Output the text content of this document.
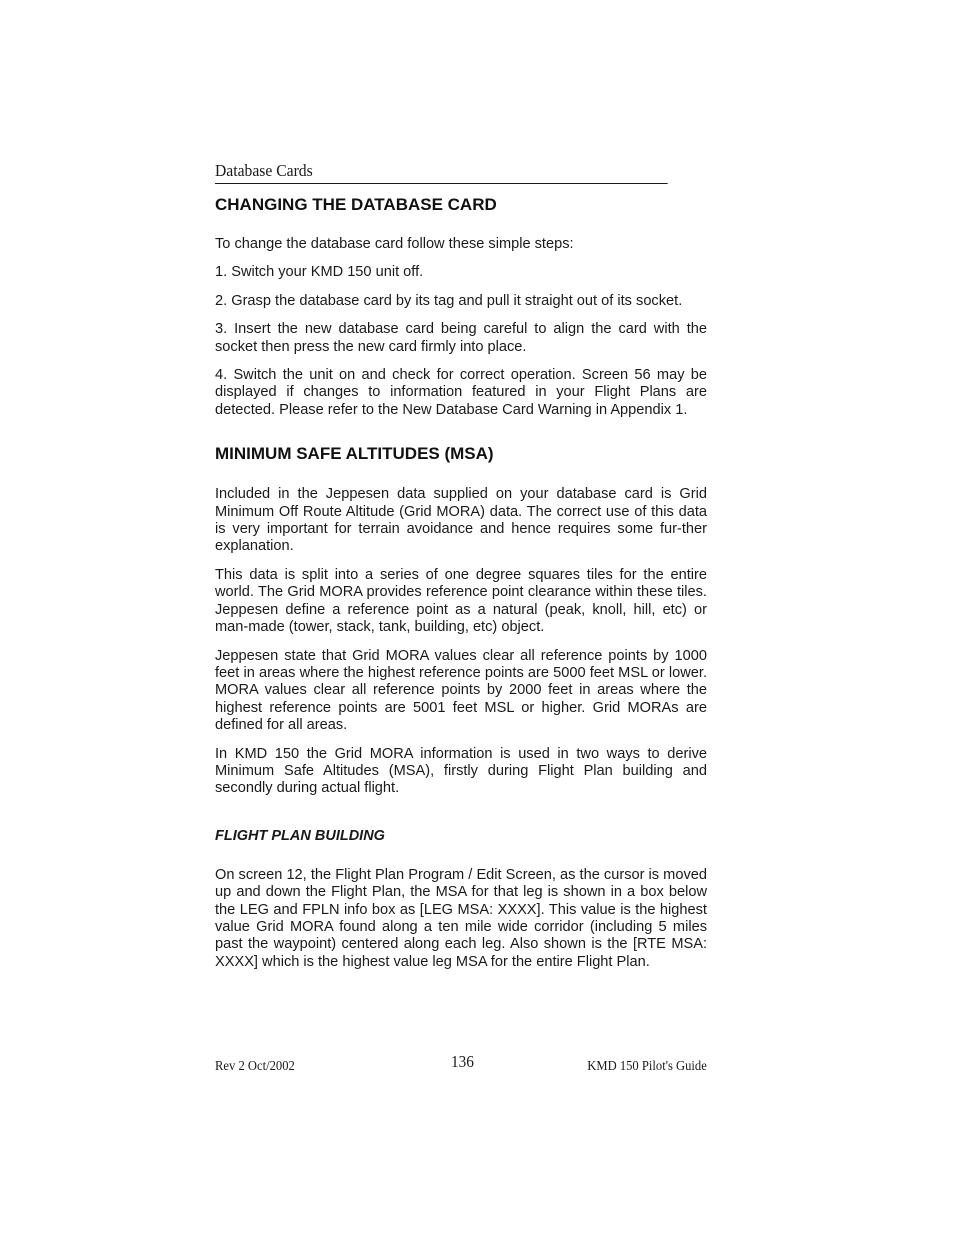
Database Cards
CHANGING THE DATABASE CARD

To change the database card follow these simple steps:

1. Switch your KMD 150 unit off.

2. Grasp the database card by its tag and pull it straight out of its socket.

3. Insert the new database card being careful to align the card with the socket then press the new card firmly into place.

4. Switch the unit on and check for correct operation. Screen 56 may be displayed if changes to information featured in your Flight Plans are detected. Please refer to the New Database Card Warning in Appendix 1.

MINIMUM SAFE ALTITUDES (MSA)

Included in the Jeppesen data supplied on your database card is Grid Minimum Off Route Altitude (Grid MORA) data. The correct use of this data is very important for terrain avoidance and hence requires some fur-ther explanation.

This data is split into a series of one degree squares tiles for the entire world. The Grid MORA provides reference point clearance within these tiles. Jeppesen define a reference point as a natural (peak, knoll, hill, etc) or man-made (tower, stack, tank, building, etc) object.

Jeppesen state that Grid MORA values clear all reference points by 1000 feet in areas where the highest reference points are 5000 feet MSL or lower. MORA values clear all reference points by 2000 feet in areas where the highest reference points are 5001 feet MSL or higher. Grid MORAs are defined for all areas.

In KMD 150 the Grid MORA information is used in two ways to derive Minimum Safe Altitudes (MSA), firstly during Flight Plan building and secondly during actual flight.

FLIGHT PLAN BUILDING

On screen 12, the Flight Plan Program / Edit Screen, as the cursor is moved up and down the Flight Plan, the MSA for that leg is shown in a box below the LEG and FPLN info box as [LEG MSA: XXXX]. This value is the highest value Grid MORA found along a ten mile wide corridor (including 5 miles past the waypoint) centered along each leg. Also shown is the [RTE MSA: XXXX] which is the highest value leg MSA for the entire Flight Plan.

Rev 2 Oct/2002	136	KMD 150 Pilot's Guide
